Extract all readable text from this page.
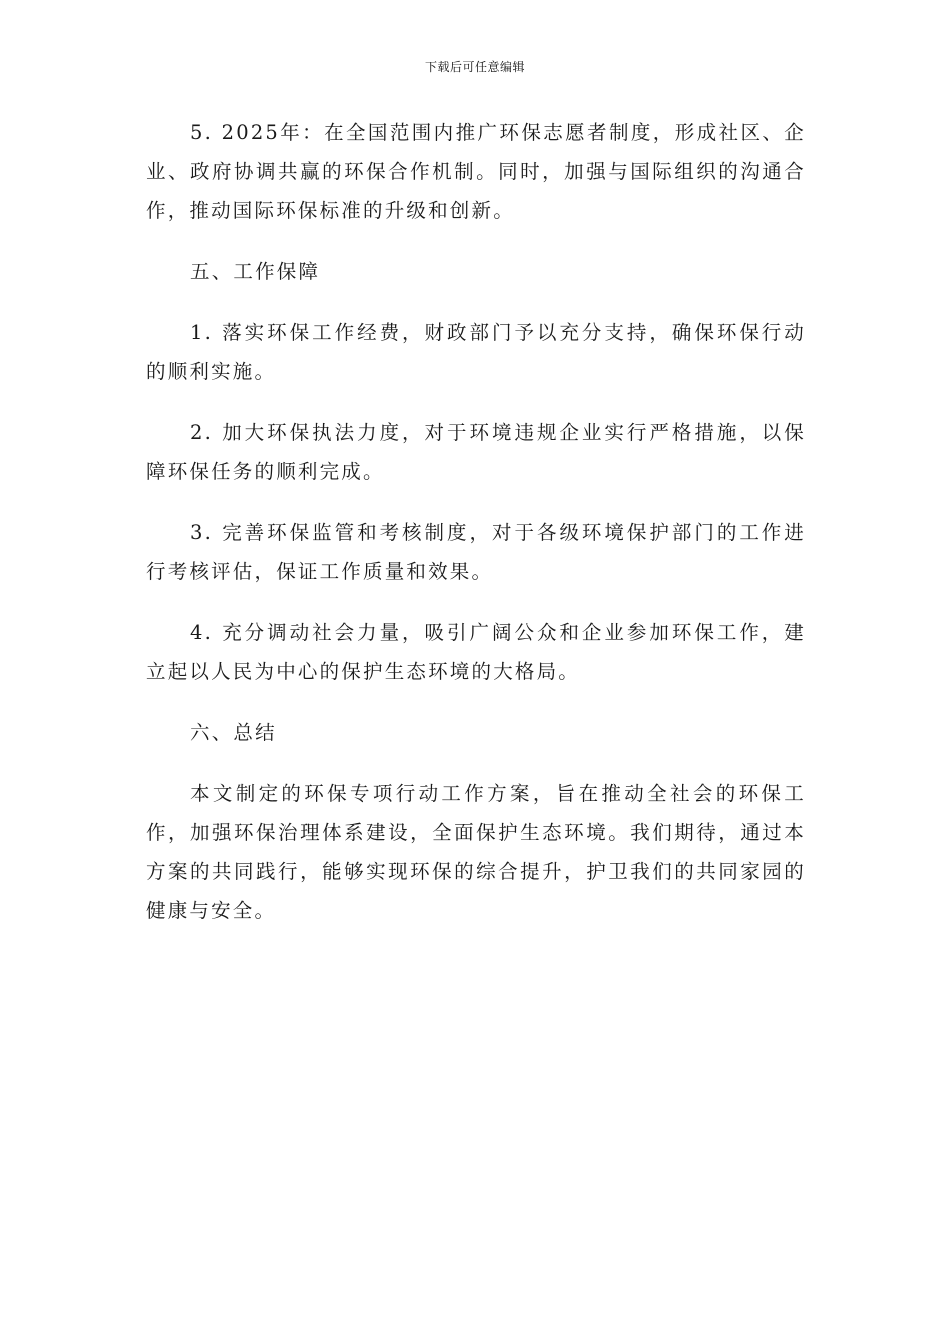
下载后可任意编辑

5. 2025年：在全国范围内推广环保志愿者制度，形成社区、企业、政府协调共赢的环保合作机制。同时，加强与国际组织的沟通合作，推动国际环保标准的升级和创新。

五、工作保障

1. 落实环保工作经费，财政部门予以充分支持，确保环保行动的顺利实施。

2. 加大环保执法力度，对于环境违规企业实行严格措施，以保障环保任务的顺利完成。

3. 完善环保监管和考核制度，对于各级环境保护部门的工作进行考核评估，保证工作质量和效果。

4. 充分调动社会力量，吸引广阔公众和企业参加环保工作，建立起以人民为中心的保护生态环境的大格局。

六、总结

本文制定的环保专项行动工作方案，旨在推动全社会的环保工作，加强环保治理体系建设，全面保护生态环境。我们期待，通过本方案的共同践行，能够实现环保的综合提升，护卫我们的共同家园的健康与安全。
